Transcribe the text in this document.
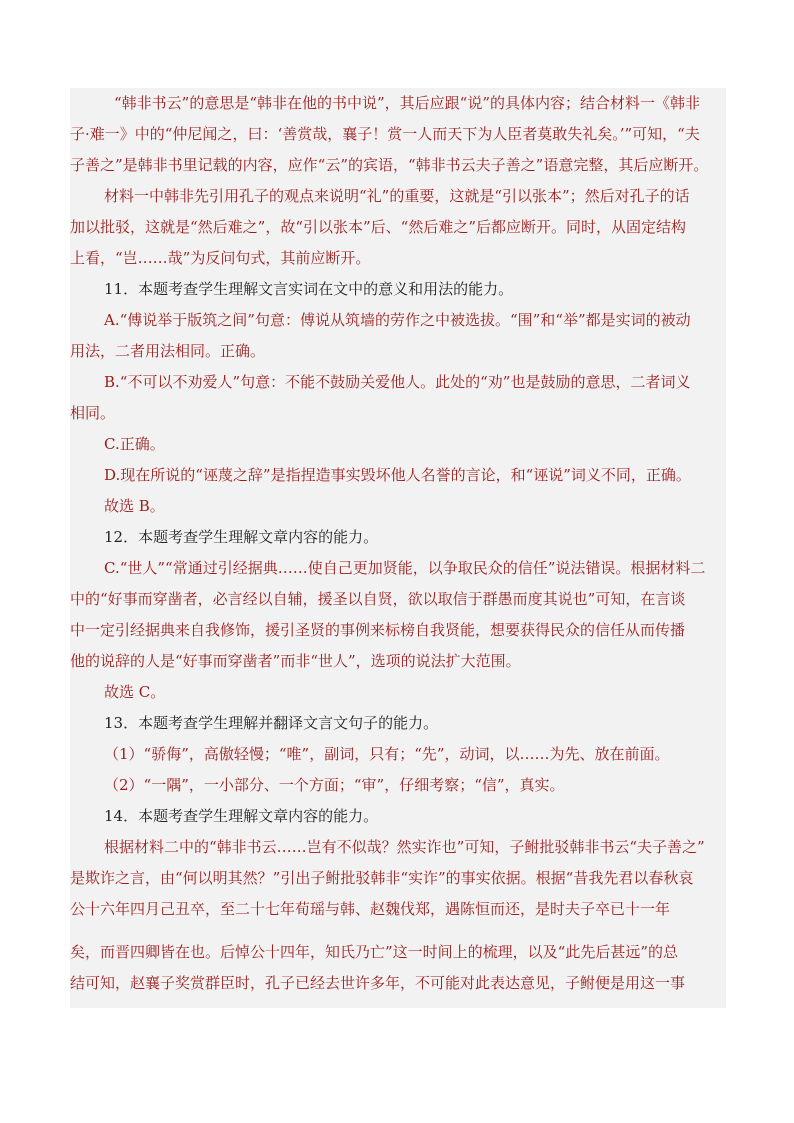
“韩非书云”的意思是“韩非在他的书中说”，其后应跟“说”的具体内容；结合材料一《韩非

子·难一》中的“仲尼闻之，曰：‘善赏哉，襄子！赏一人而天下为人臣者莫敢失礼矣。’”可知，“夫

子善之”是韩非书里记载的内容，应作“云”的宾语，“韩非书云夫子善之”语意完整，其后应断开。

材料一中韩非先引用孔子的观点来说明“礼”的重要，这就是“引以张本”；然后对孔子的话

加以批驳，这就是“然后难之”，故“引以张本”后、“然后难之”后都应断开。同时，从固定结构

上看，“岂……哉”为反问句式，其前应断开。

11．本题考查学生理解文言实词在文中的意义和用法的能力。

A.“傅说举于版筑之间”句意：傅说从筑墙的劳作之中被选拔。“围”和“举”都是实词的被动

用法，二者用法相同。正确。

B.“不可以不劝爱人”句意：不能不鼓励关爱他人。此处的“劝”也是鼓励的意思，二者词义

相同。

C.正确。

D.现在所说的“诬蔑之辞”是指捏造事实毁坏他人名誉的言论，和“诬说”词义不同，正确。

故选 B。

12．本题考查学生理解文章内容的能力。

C.“世人”“常通过引经据典……使自己更加贤能，以争取民众的信任”说法错误。根据材料二

中的“好事而穿凿者，必言经以自辅，援圣以自贤，欲以取信于群愚而度其说也”可知，在言谈

中一定引经据典来自我修饰，援引圣贤的事例来标榜自我贤能，想要获得民众的信任从而传播

他的说辞的人是“好事而穿凿者”而非“世人”，选项的说法扩大范围。

故选 C。

13．本题考查学生理解并翻译文言文句子的能力。

（1）“骄侮”，高傲轻慢；“唯”，副词，只有；“先”，动词，以……为先、放在前面。

（2）“一隅”，一小部分、一个方面；“审”，仔细考察；“信”，真实。

14．本题考查学生理解文章内容的能力。

根据材料二中的“韩非书云……岂有不似哉？然实诈也”可知，子鲋批驳韩非书云“夫子善之”

是欺诈之言，由“何以明其然？”引出子鲋批驳韩非“实诈”的事实依据。根据“昔我先君以春秋哀

公十六年四月己丑卒，至二十七年荀瑶与韩、赵魏伐郑，遇陈恒而还，是时夫子卒已十一年

矣，而晋四卿皆在也。后悼公十四年，知氏乃亡”这一时间上的梳理，以及“此先后甚远”的总

结可知，赵襄子奖赏群臣时，孔子已经去世许多年，不可能对此表达意见，子鲋便是用这一事
